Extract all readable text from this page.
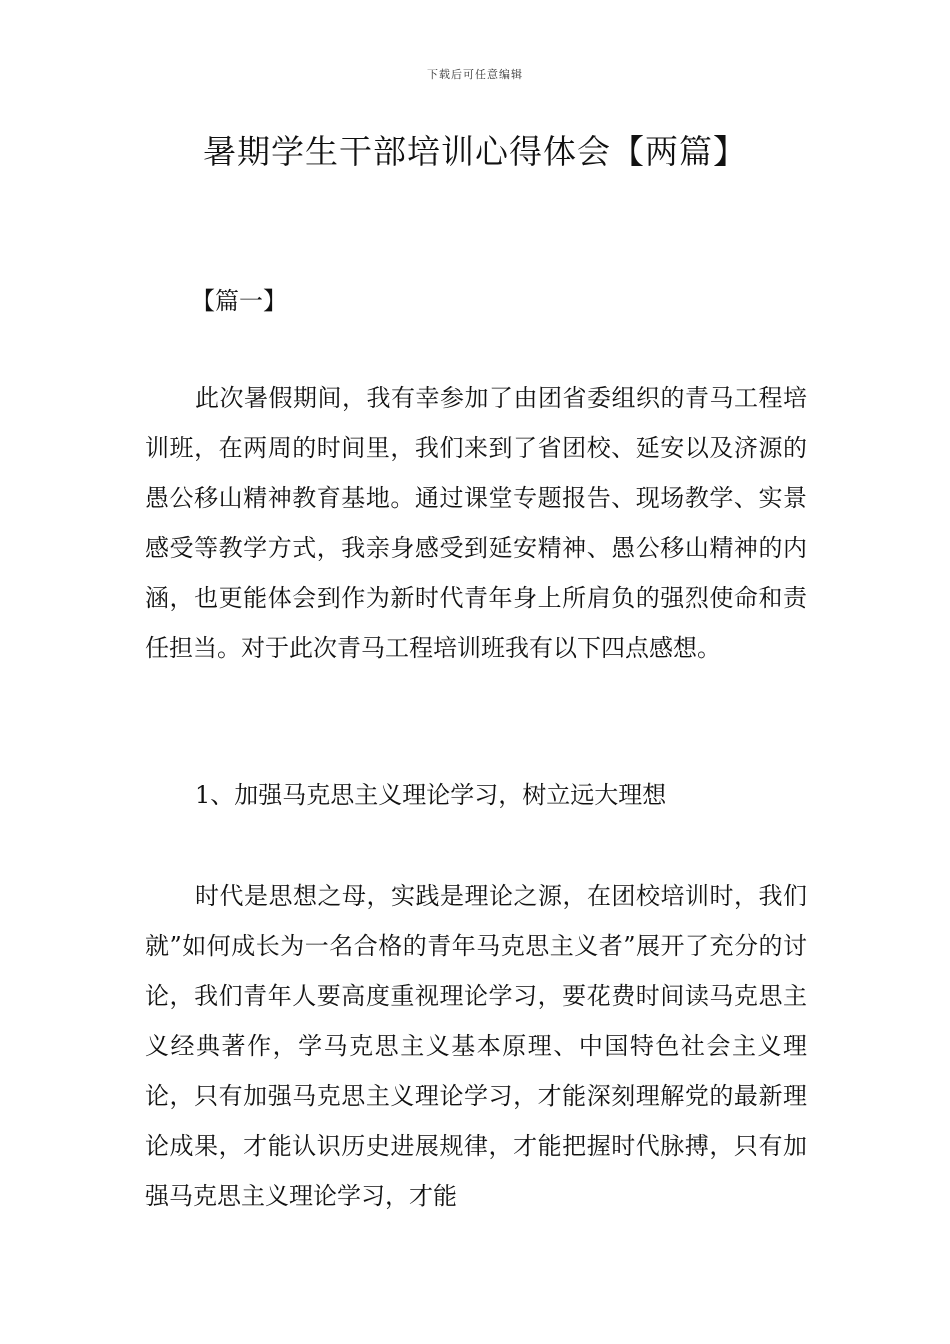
下载后可任意编辑
暑期学生干部培训心得体会【两篇】
【篇一】

此次暑假期间，我有幸参加了由团省委组织的青马工程培训班，在两周的时间里，我们来到了省团校、延安以及济源的愚公移山精神教育基地。通过课堂专题报告、现场教学、实景感受等教学方式，我亲身感受到延安精神、愚公移山精神的内涵，也更能体会到作为新时代青年身上所肩负的强烈使命和责任担当。对于此次青马工程培训班我有以下四点感想。

1、加强马克思主义理论学习，树立远大理想

时代是思想之母，实践是理论之源，在团校培训时，我们就”如何成长为一名合格的青年马克思主义者”展开了充分的讨论，我们青年人要高度重视理论学习，要花费时间读马克思主义经典著作，学马克思主义基本原理、中国特色社会主义理论，只有加强马克思主义理论学习，才能深刻理解党的最新理论成果，才能认识历史进展规律，才能把握时代脉搏，只有加强马克思主义理论学习，才能
